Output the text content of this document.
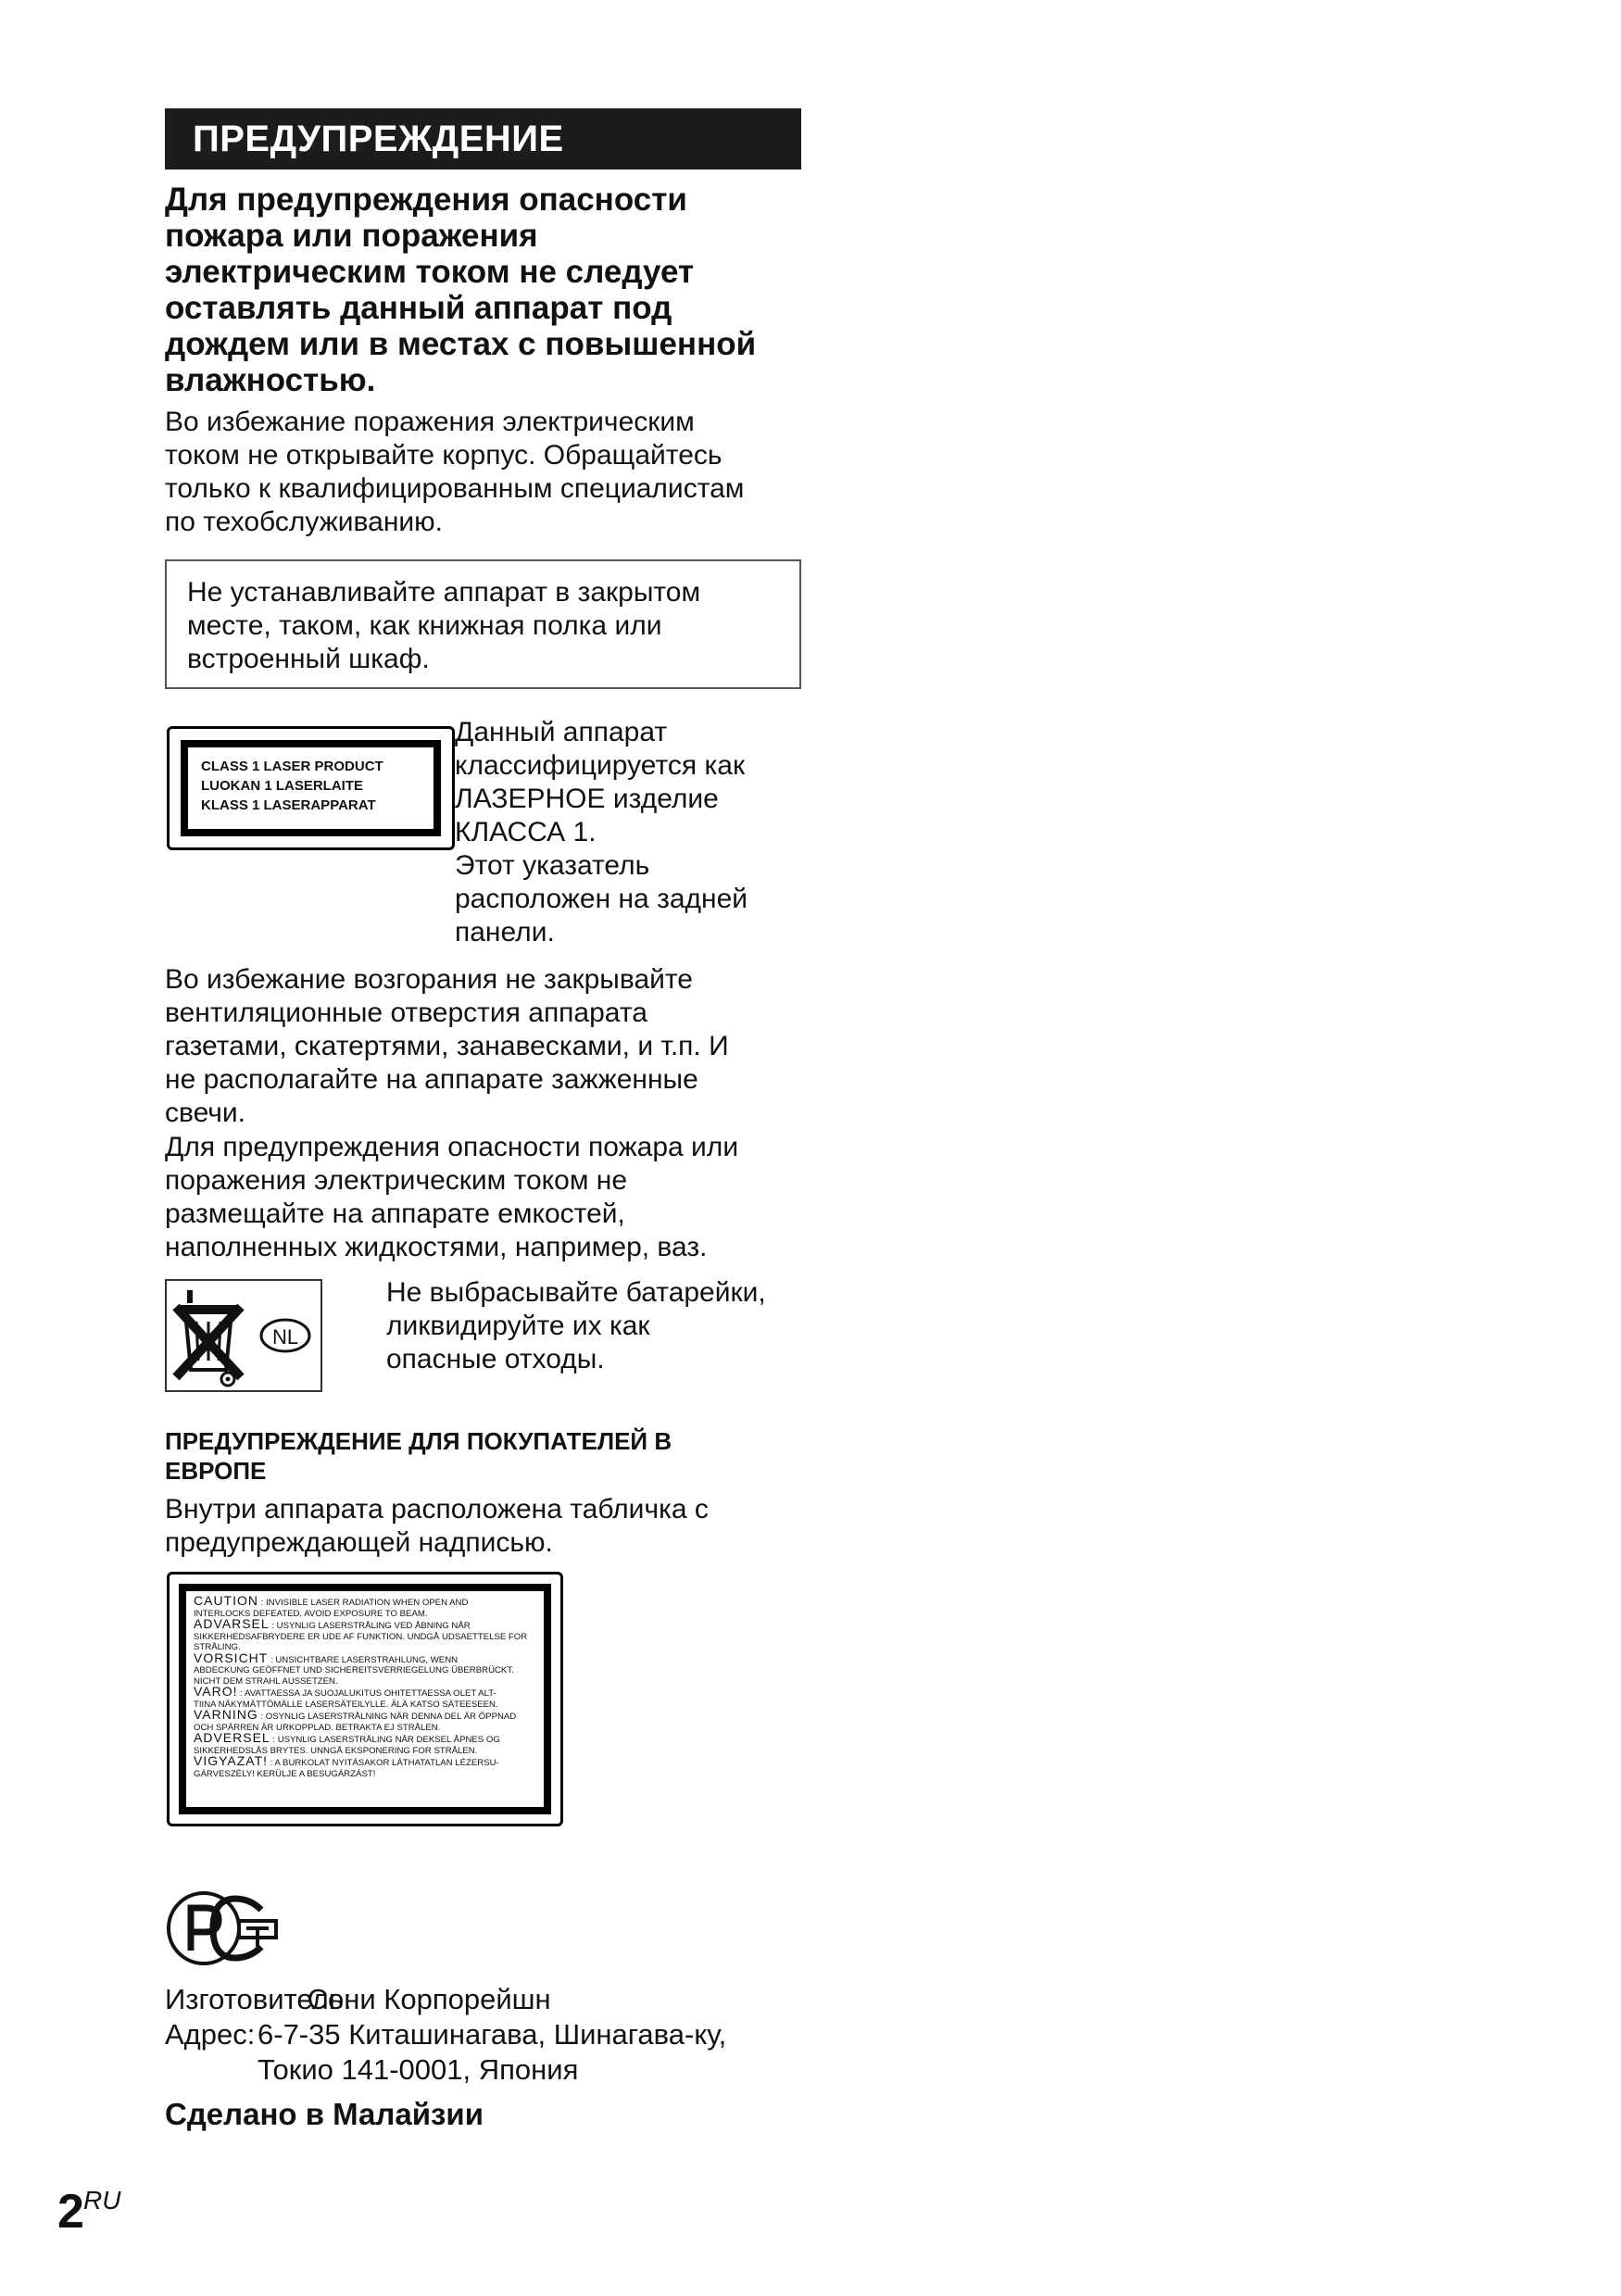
ПРЕДУПРЕЖДЕНИЕ
Для предупреждения опасности
пожара или поражения
электрическим током не следует
оставлять данный аппарат под
дождем или в местах с повышенной
влажностью.
Во избежание поражения электрическим
током не открывайте корпус. Обращайтесь
только к квалифицированным специалистам
по техобслуживанию.
Не устанавливайте аппарат в закрытом
месте, таком, как книжная полка или
встроенный шкаф.
CLASS 1 LASER PRODUCT
LUOKAN 1 LASERLAITE
KLASS 1 LASERAPPARAT
Данный аппарат
классифицируется как
ЛАЗЕРНОЕ изделие
КЛАССА 1.
Этот указатель
расположен на задней
панели.
Во избежание возгорания не закрывайте
вентиляционные отверстия аппарата
газетами, скатертями, занавесками, и т.п. И
не располагайте на аппарате зажженные
свечи.
Для предупреждения опасности пожара или
поражения электрическим током не
размещайте на аппарате емкостей,
наполненных жидкостями, например, ваз.
NL
Не выбрасывайте батарейки,
ликвидируйте их как
опасные отходы.
ПРЕДУПРЕЖДЕНИЕ ДЛЯ ПОКУПАТЕЛЕЙ В
ЕВРОПЕ
Внутри аппарата расположена табличка с
предупреждающей надписью.
CAUTION : INVISIBLE LASER RADIATION WHEN OPEN AND
INTERLOCKS DEFEATED. AVOID EXPOSURE TO BEAM.
ADVARSEL : USYNLIG LASERSTRÅLING VED ÅBNING NÅR
SIKKERHEDSAFBRYDERE ER UDE AF FUNKTION. UNDGÅ UDSAETTELSE FOR STRÅLING.
VORSICHT : UNSICHTBARE LASERSTRAHLUNG, WENN
ABDECKUNG GEÖFFNET UND SICHEREITSVERRIEGELUNG ÜBERBRÜCKT. NICHT DEM STRAHL AUSSETZEN.
VARO! : AVATTAESSA JA SUOJALUKITUS OHITETTAESSA OLET ALT-
TIINA NÄKYMÄTTÖMÄLLE LASERSÄTEILYLLE. ÄLÄ KATSO SÄTEESEEN.
VARNING : OSYNLIG LASERSTRÅLNING NÄR DENNA DEL ÄR ÖPPNAD
OCH SPÄRREN ÄR URKOPPLAD. BETRAKTA EJ STRÅLEN.
ADVERSEL : USYNLIG LASERSTRÅLING NÅR DEKSEL ÅPNES OG
SIKKERHEDSLÅS BRYTES. UNNGÅ EKSPONERING FOR STRÅLEN.
VIGYAZAT! : A BURKOLAT NYITÁSAKOR LÁTHATATLAN LÉZERSU-
GÁRVESZÉLY! KERÜLJE A BESUGÁRZÁST!
Изготовитель:

Сони Корпорейшн
Адрес: 6-7-35 Киташинагава, Шинагава-ку,
Токио 141-0001, Япония
Сделано в Малайзии
2 RU
